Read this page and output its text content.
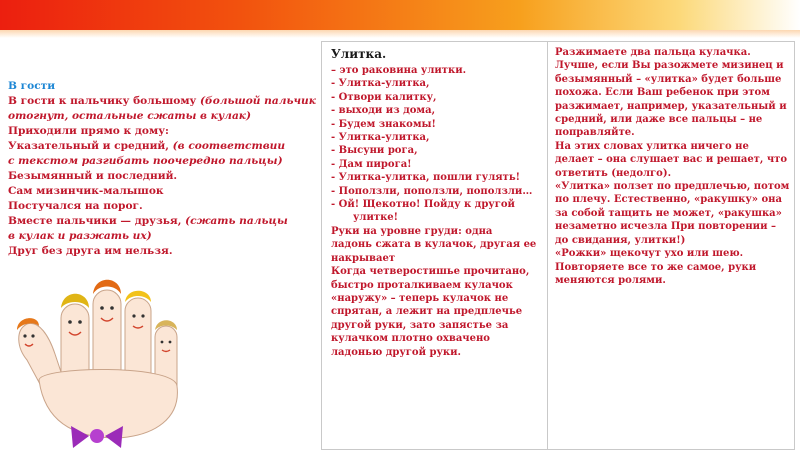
В гости
В гости к пальчику большому (большой пальчик
отогнут, остальные сжаты в кулак)
Приходили прямо к дому:
Указательный и средний, (в соответствии
с текстом разгибать поочередно пальцы)
Безымянный и последний.
Сам мизинчик-малышок
Постучался на порог.
Вместе пальчики — друзья, (сжать пальцы
в кулак и разжать их)
Друг без друга им нельзя.
Улитка.
– это раковина улитки.
- Улитка-улитка,
- Отвори калитку,
- выходи из дома,
- Будем знакомы!
- Улитка-улитка,
- Высуни рога,
- Дам пирога!
- Улитка-улитка, пошли гулять!
- Поползли, поползли, поползли…
- Ой! Щекотно! Пойду к другой
улитке!
Руки на уровне груди: одна
ладонь сжата в кулачок, другая ее
накрывает
Когда четверостишье прочитано,
быстро проталкиваем кулачок
«наружу» – теперь кулачок не
спрятан, а лежит на предплечье
другой руки, зато запястье за
кулачком плотно охвачено
ладонью другой руки.
Разжимаете два пальца кулачка.
Лучше, если Вы разожмете мизинец и
безымянный – «улитка» будет больше
похожа. Если Ваш ребенок при этом
разжимает, например, указательный и
средний, или даже все пальцы – не
поправляйте.
На этих словах улитка ничего не
делает – она слушает вас и решает, что
ответить (недолго).
«Улитка» ползет по предплечью, потом
по плечу. Естественно, «ракушку» она
за собой тащить не может, «ракушка»
незаметно исчезла При повторении –
до свидания, улитки!)
«Рожки» щекочут ухо или шею.
Повторяете все то же самое, руки
меняются ролями.
